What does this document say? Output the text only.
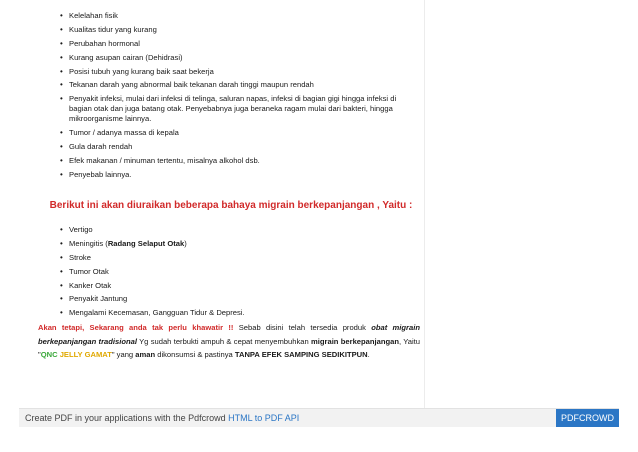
• Kelelahan fisik
• Kualitas tidur yang kurang
• Perubahan hormonal
• Kurang asupan cairan (Dehidrasi)
• Posisi tubuh yang kurang baik saat bekerja
• Tekanan darah yang abnormal baik tekanan darah tinggi maupun rendah
• Penyakit infeksi, mulai dari infeksi di telinga, saluran napas, infeksi di bagian gigi hingga infeksi di bagian otak dan juga batang otak. Penyebabnya juga beraneka ragam mulai dari bakteri, hingga mikroorganisme lainnya.
• Tumor / adanya massa di kepala
• Gula darah rendah
• Efek makanan / minuman tertentu, misalnya alkohol dsb.
• Penyebab lainnya.
Berikut ini akan diuraikan beberapa bahaya migrain berkepanjangan , Yaitu :
• Vertigo
• Meningitis (Radang Selaput Otak)
• Stroke
• Tumor Otak
• Kanker Otak
• Penyakit Jantung
• Mengalami Kecemasan, Gangguan Tidur & Depresi.
Akan tetapi, Sekarang anda tak perlu khawatir !! Sebab disini telah tersedia produk obat migrain berkepanjangan tradisional Yg sudah terbukti ampuh & cepat menyembuhkan migrain berkepanjangan, Yaitu "QNC JELLY GAMAT" yang aman dikonsumsi & pastinya TANPA EFEK SAMPING SEDIKITPUN.
Create PDF in your applications with the Pdfcrowd HTML to PDF API	PDFCROWD
